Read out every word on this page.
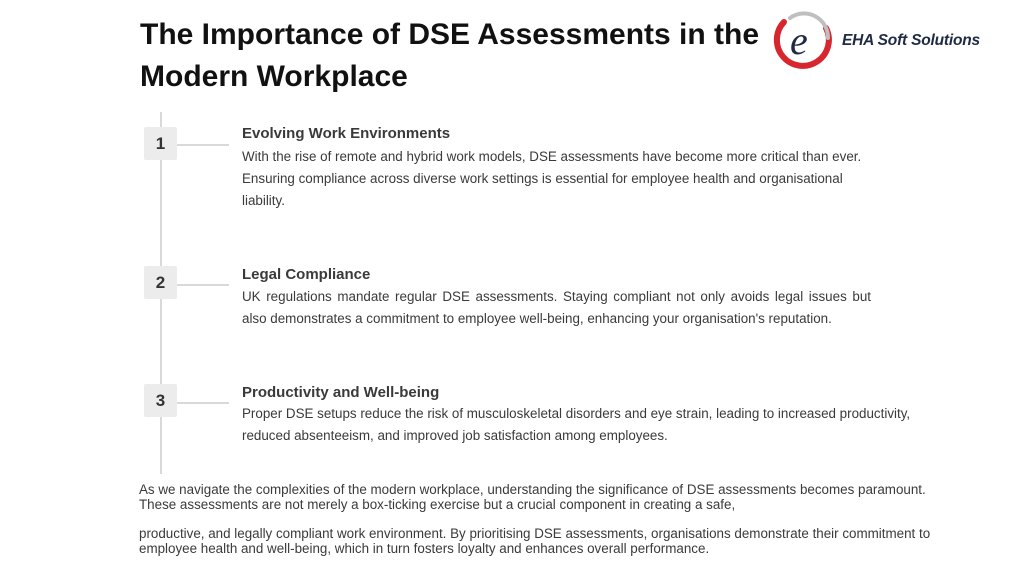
The Importance of DSE Assessments in the Modern Workplace
e EHA Soft Solutions
1	Evolving Work Environments

With the rise of remote and hybrid work models, DSE assessments have become more critical than ever. Ensuring compliance across diverse work settings is essential for employee health and organisational liability.

2	Legal Compliance

UK regulations mandate regular DSE assessments. Staying compliant not only avoids legal issues but also demonstrates a commitment to employee well-being, enhancing your organisation's reputation.

3	Productivity and Well-being

Proper DSE setups reduce the risk of musculoskeletal disorders and eye strain, leading to increased productivity, reduced absenteeism, and improved job satisfaction among employees.

As we navigate the complexities of the modern workplace, understanding the significance of DSE assessments becomes paramount. These assessments are not merely a box-ticking exercise but a crucial component in creating a safe,

productive, and legally compliant work environment. By prioritising DSE assessments, organisations demonstrate their commitment to employee health and well-being, which in turn fosters loyalty and enhances overall performance.
